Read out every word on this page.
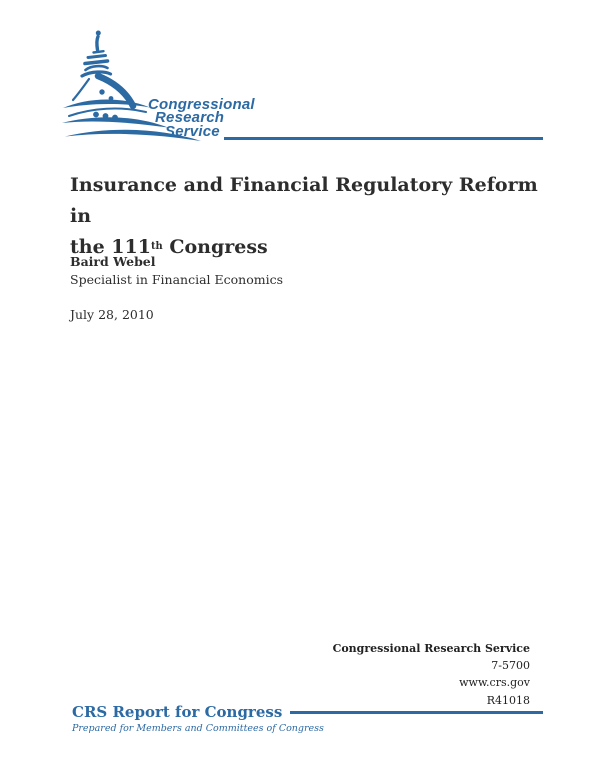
Congressional
Research
Service
Insurance and Financial Regulatory Reform in
the 111th Congress
Baird Webel
Specialist in Financial Economics
July 28, 2010
Congressional Research Service
7-5700
www.crs.gov
R41018
CRS Report for Congress
Prepared for Members and Committees of Congress
